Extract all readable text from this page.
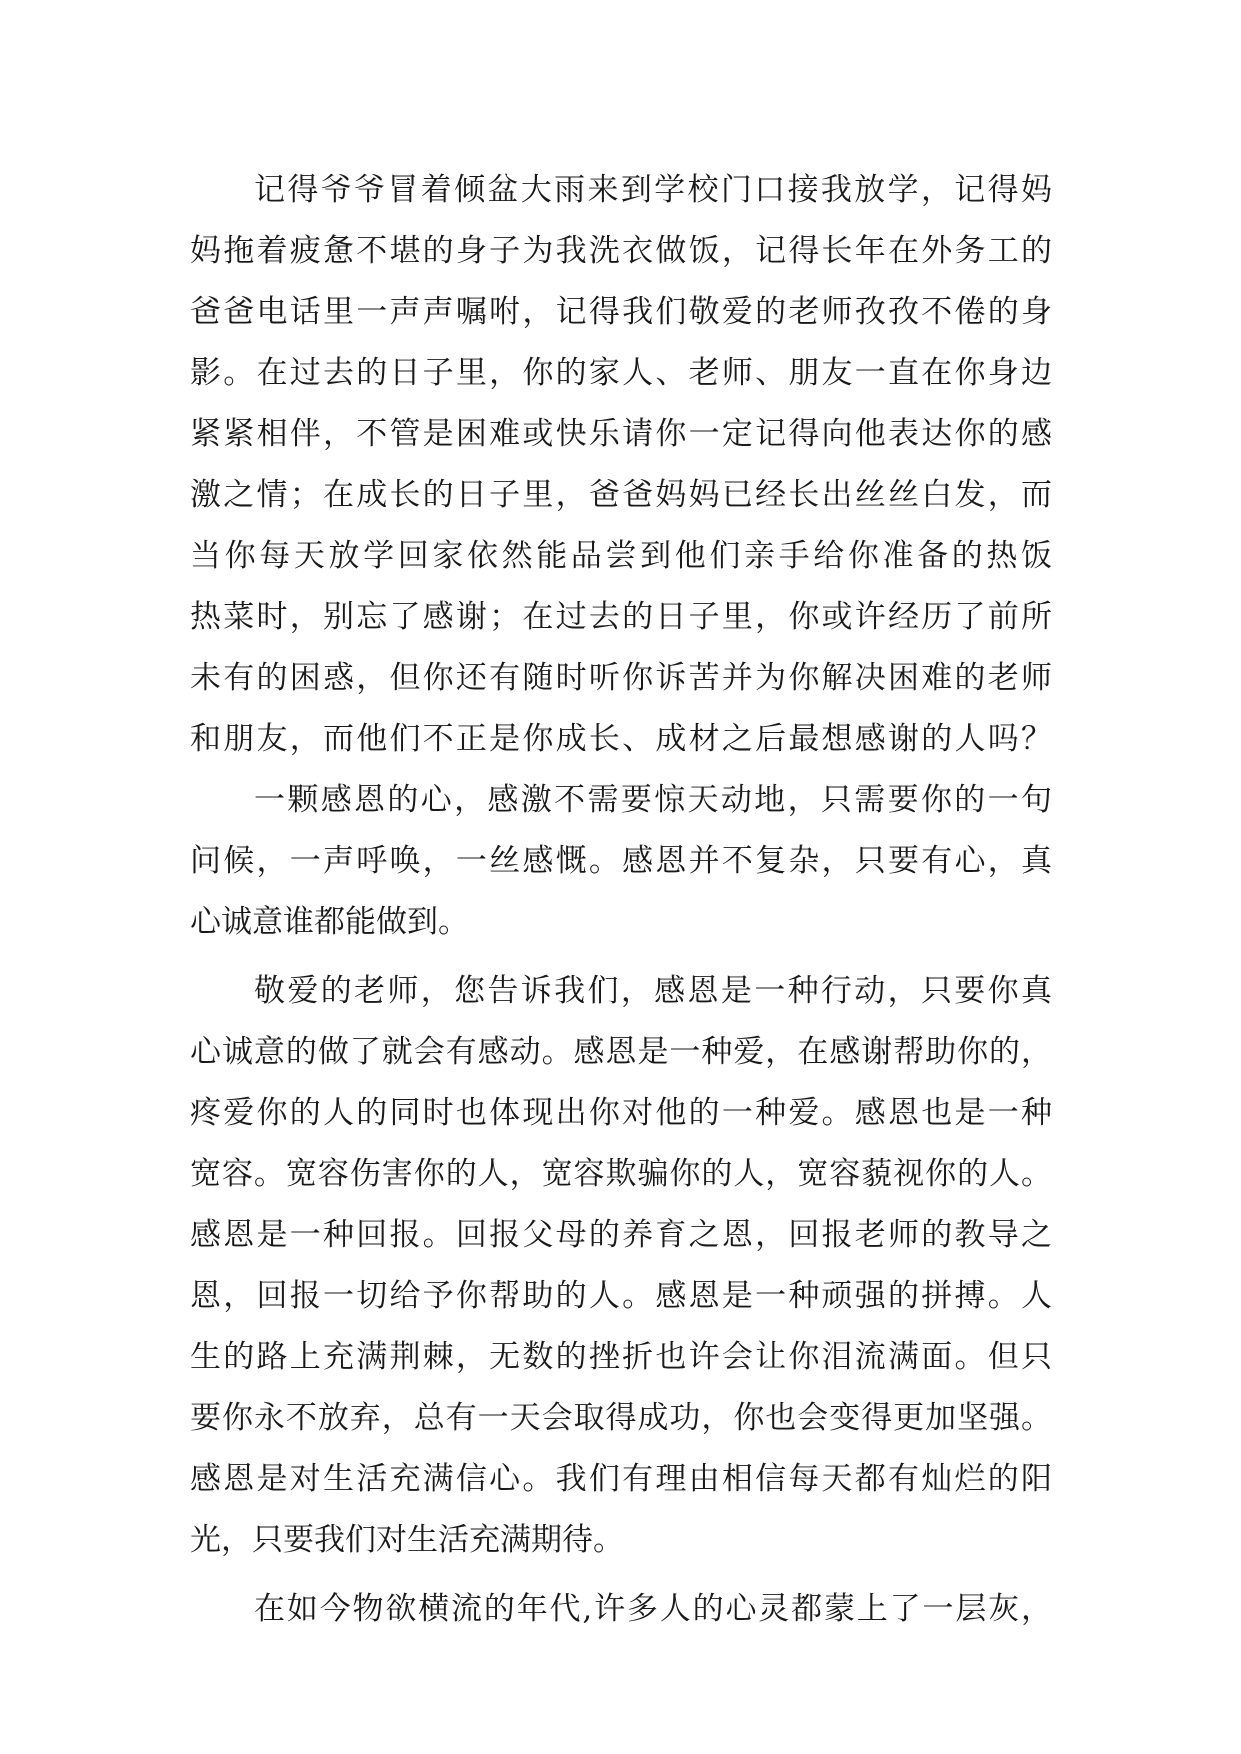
记得爷爷冒着倾盆大雨来到学校门口接我放学，记得妈
妈拖着疲惫不堪的身子为我洗衣做饭，记得长年在外务工的
爸爸电话里一声声嘱咐，记得我们敬爱的老师孜孜不倦的身
影。在过去的日子里，你的家人、老师、朋友一直在你身边
紧紧相伴，不管是困难或快乐请你一定记得向他表达你的感
激之情；在成长的日子里，爸爸妈妈已经长出丝丝白发，而
当你每天放学回家依然能品尝到他们亲手给你准备的热饭
热菜时，别忘了感谢；在过去的日子里，你或许经历了前所
未有的困惑，但你还有随时听你诉苦并为你解决困难的老师
和朋友，而他们不正是你成长、成材之后最想感谢的人吗？
一颗感恩的心，感激不需要惊天动地，只需要你的一句
问候，一声呼唤，一丝感慨。感恩并不复杂，只要有心，真
心诚意谁都能做到。
敬爱的老师，您告诉我们，感恩是一种行动，只要你真
心诚意的做了就会有感动。感恩是一种爱，在感谢帮助你的，
疼爱你的人的同时也体现出你对他的一种爱。感恩也是一种
宽容。宽容伤害你的人，宽容欺骗你的人，宽容藐视你的人。
感恩是一种回报。回报父母的养育之恩，回报老师的教导之
恩，回报一切给予你帮助的人。感恩是一种顽强的拼搏。人
生的路上充满荆棘，无数的挫折也许会让你泪流满面。但只
要你永不放弃，总有一天会取得成功，你也会变得更加坚强。
感恩是对生活充满信心。我们有理由相信每天都有灿烂的阳
光，只要我们对生活充满期待。
在如今物欲横流的年代,许多人的心灵都蒙上了一层灰，
